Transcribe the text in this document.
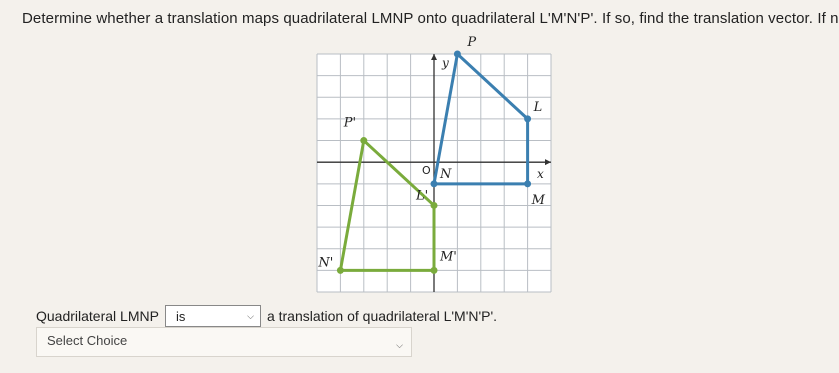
Determine whether a translation maps quadrilateral LMNP onto quadrilateral L'M'N'P'. If so, find the translation vector. If n
P
L
M
N
P'
L'
M'
N'
x
y
O
Quadrilateral LMNP is	⌵ a translation of quadrilateral L'M'N'P'.
Select Choice	⌵
